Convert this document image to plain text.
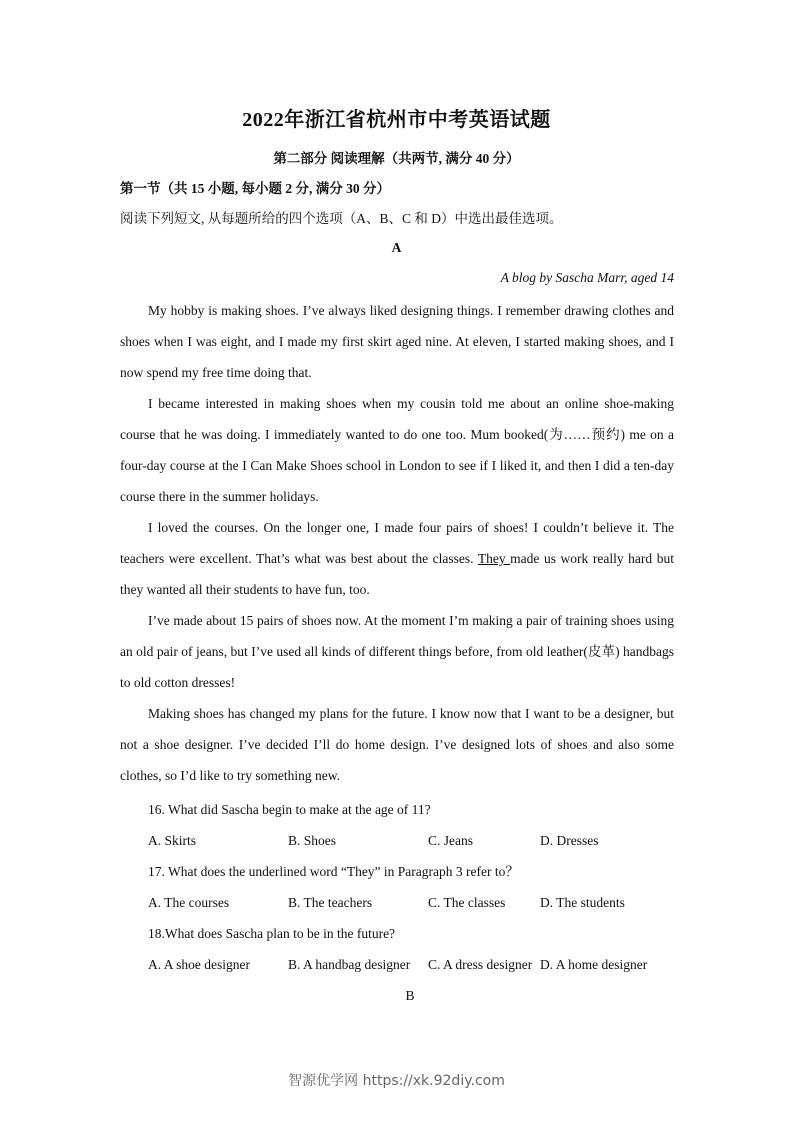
2022年浙江省杭州市中考英语试题
第二部分 阅读理解（共两节, 满分 40 分）
第一节（共 15 小题, 每小题 2 分, 满分 30 分）
阅读下列短文, 从每题所给的四个选项（A、B、C 和 D）中选出最佳选项。
A
A blog by Sascha Marr, aged 14

My hobby is making shoes. I’ve always liked designing things. I remember drawing clothes and shoes when I was eight, and I made my first skirt aged nine. At eleven, I started making shoes, and I now spend my free time doing that.

I became interested in making shoes when my cousin told me about an online shoe-making course that he was doing. I immediately wanted to do one too. Mum booked(为……预约) me on a four-day course at the I Can Make Shoes school in London to see if I liked it, and then I did a ten-day course there in the summer holidays.

I loved the courses. On the longer one, I made four pairs of shoes! I couldn’t believe it. The teachers were excellent. That’s what was best about the classes. They made us work really hard but they wanted all their students to have fun, too.

I’ve made about 15 pairs of shoes now. At the moment I’m making a pair of training shoes using an old pair of jeans, but I’ve used all kinds of different things before, from old leather(皮革) handbags to old cotton dresses!

Making shoes has changed my plans for the future. I know now that I want to be a designer, but not a shoe designer. I’ve decided I’ll do home design. I’ve designed lots of shoes and also some clothes, so I’d like to try something new.

16. What did Sascha begin to make at the age of 11?
A. Skirts	B. Shoes	C. Jeans	D. Dresses
17. What does the underlined word “They” in Paragraph 3 refer to？
A. The courses	B. The teachers	C. The classes	D. The students
18.What does Sascha plan to be in the future?
A. A shoe designer	B. A handbag designer C. A dress designer D. A home designer
B
智源优学网 https://xk.92diy.com
